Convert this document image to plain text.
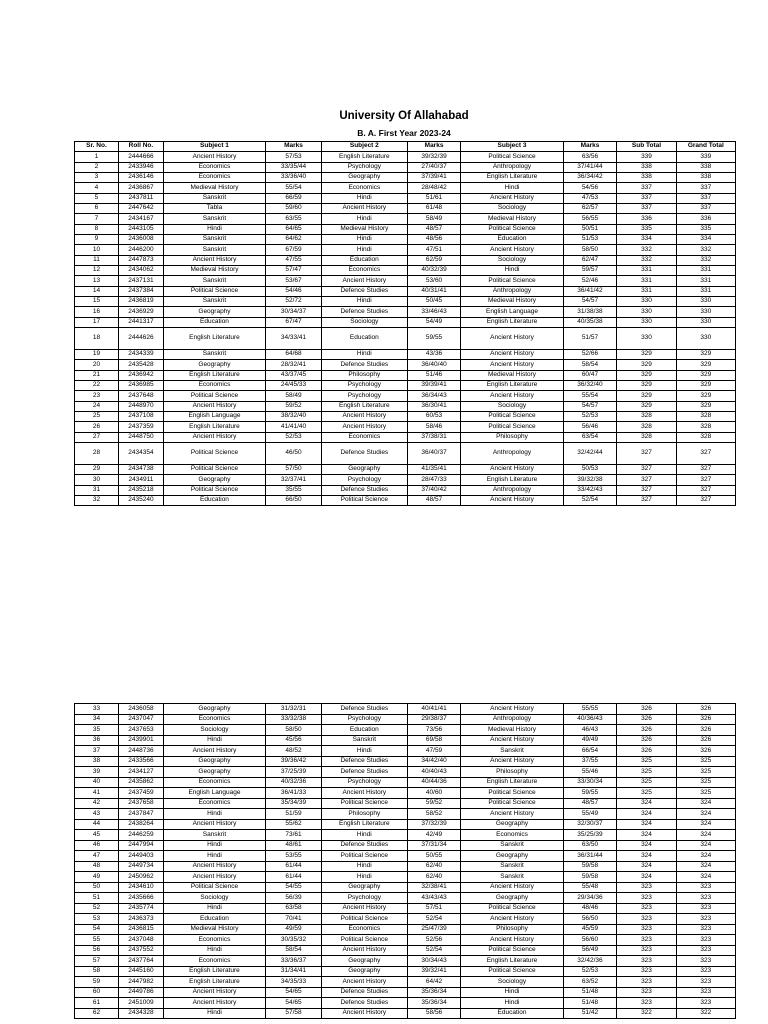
University Of Allahabad
B. A. First Year 2023-24
Sr. No.	Roll No.	Subject 1	Marks	Subject 2	Marks	Subject 3	Marks	Sub Total	Grand Total
1	2444666	Ancient History	57/53	English Literature	39/32/39	Political Science	63/56	339	339
2	2433946	Economics	33/35/44	Psychology	27/40/37	Anthropology	37/41/44	338	338
3	2436146	Economics	33/36/40	Geography	37/39/41	English Literature	36/34/42	338	338
4	2436867	Medieval History	55/54	Economics	28/48/42	Hindi	54/56	337	337
5	2437811	Sanskrit	66/59	Hindi	51/61	Ancient History	47/53	337	337
6	2447642	Tabla	59/60	Ancient History	61/48	Sociology	62/57	337	337
7	2434167	Sanskrit	63/55	Hindi	58/49	Medieval History	56/55	336	336
8	2443105	Hindi	64/65	Medieval History	48/57	Political Science	50/51	335	335
9	2436008	Sanskrit	64/62	Hindi	48/56	Education	51/53	334	334
10	2446200	Sanskrit	67/59	Hindi	47/51	Ancient History	58/50	332	332
11	2447873	Ancient History	47/55	Education	62/59	Sociology	62/47	332	332
12	2434062	Medieval History	57/47	Economics	40/32/39	Hindi	59/57	331	331
13	2437131	Sanskrit	53/67	Ancient History	53/60	Political Science	52/46	331	331
14	2437384	Political Science	54/46	Defence Studies	40/31/41	Anthropology	36/41/42	331	331
15	2436819	Sanskrit	52/72	Hindi	50/45	Medieval History	54/57	330	330
16	2436929	Geography	30/34/37	Defence Studies	33/46/43	English Language	31/38/38	330	330
17	2441317	Education	67/47	Sociology	54/49	English Literature	40/35/38	330	330
18	2444626	English Literature	34/33/41	Education	59/55	Ancient History	51/57	330	330
19	2434339	Sanskrit	64/68	Hindi	43/36	Ancient History	52/66	329	329
20	2435428	Geography	28/32/41	Defence Studies	36/40/40	Ancient History	58/54	329	329
21	2436942	English Literature	43/37/45	Philosophy	51/46	Medieval History	60/47	329	329
22	2436985	Economics	24/45/33	Psychology	39/39/41	English Literature	36/32/40	329	329
23	2437648	Political Science	58/49	Psychology	36/34/43	Ancient History	55/54	329	329
24	2448970	Ancient History	59/52	English Literature	36/30/41	Sociology	54/57	329	329
25	2437108	English Language	38/32/40	Ancient History	60/53	Political Science	52/53	328	328
26	2437359	English Literature	41/41/40	Ancient History	58/46	Political Science	56/46	328	328
27	2448750	Ancient History	52/53	Economics	37/38/31	Philosophy	63/54	328	328
28	2434354	Political Science	46/50	Defence Studies	36/40/37	Anthropology	32/42/44	327	327
29	2434738	Political Science	57/50	Geography	41/35/41	Ancient History	50/53	327	327
30	2434911	Geography	32/37/41	Psychology	28/47/33	English Literature	39/32/38	327	327
31	2435218	Political Science	35/55	Defence Studies	37/40/42	Anthropology	33/42/43	327	327
32	2435240	Education	66/50	Political Science	48/57	Ancient History	52/54	327	327
33	2436058	Geography	31/32/31	Defence Studies	40/41/41	Ancient History	55/55	326	326
34	2437047	Economics	33/32/38	Psychology	29/38/37	Anthropology	40/36/43	326	326
35	2437653	Sociology	58/50	Education	73/56	Medieval History	46/43	326	326
36	2439901	Hindi	45/56	Sanskrit	69/58	Ancient History	49/49	326	326
37	2448736	Ancient History	48/52	Hindi	47/59	Sanskrit	66/54	326	326
38	2433566	Geography	39/36/42	Defence Studies	34/42/40	Ancient History	37/55	325	325
39	2434127	Geography	37/25/39	Defence Studies	40/40/43	Philosophy	55/46	325	325
40	2435862	Economics	40/32/36	Psychology	40/44/36	English Literature	33/30/34	325	325
41	2437459	English Language	36/41/33	Ancient History	40/60	Political Science	59/55	325	325
42	2437658	Economics	35/34/39	Political Science	59/52	Political Science	48/57	324	324
43	2437847	Hindi	51/59	Philosophy	58/52	Ancient History	55/49	324	324
44	2438264	Ancient History	55/62	English Literature	37/32/39	Geography	32/30/37	324	324
45	2446259	Sanskrit	73/61	Hindi	42/49	Economics	35/25/39	324	324
46	2447994	Hindi	48/61	Defence Studies	37/31/34	Sanskrit	63/50	324	324
47	2449403	Hindi	53/55	Political Science	50/55	Geography	36/31/44	324	324
48	2449734	Ancient History	61/44	Hindi	62/40	Sanskrit	59/58	324	324
49	2450962	Ancient History	61/44	Hindi	62/40	Sanskrit	59/58	324	324
50	2434610	Political Science	54/55	Geography	32/38/41	Ancient History	55/48	323	323
51	2435666	Sociology	56/39	Psychology	43/43/43	Geography	29/34/36	323	323
52	2435774	Hindi	63/58	Ancient History	57/51	Political Science	48/46	323	323
53	2436373	Education	70/41	Political Science	52/54	Ancient History	56/50	323	323
54	2436815	Medieval History	49/59	Economics	25/47/39	Philosophy	45/59	323	323
55	2437048	Economics	30/35/32	Political Science	52/56	Ancient History	56/60	323	323
56	2437552	Hindi	58/54	Ancient History	52/54	Political Science	56/49	323	323
57	2437764	Economics	33/36/37	Geography	30/34/43	English Literature	32/42/36	323	323
58	2445160	English Literature	31/34/41	Geography	39/32/41	Political Science	52/53	323	323
59	2447982	English Literature	34/35/33	Ancient History	64/42	Sociology	63/52	323	323
60	2449786	Ancient History	54/65	Defence Studies	35/36/34	Hindi	51/48	323	323
61	2451009	Ancient History	54/65	Defence Studies	35/36/34	Hindi	51/48	323	323
62	2434328	Hindi	57/58	Ancient History	58/56	Education	51/42	322	322
